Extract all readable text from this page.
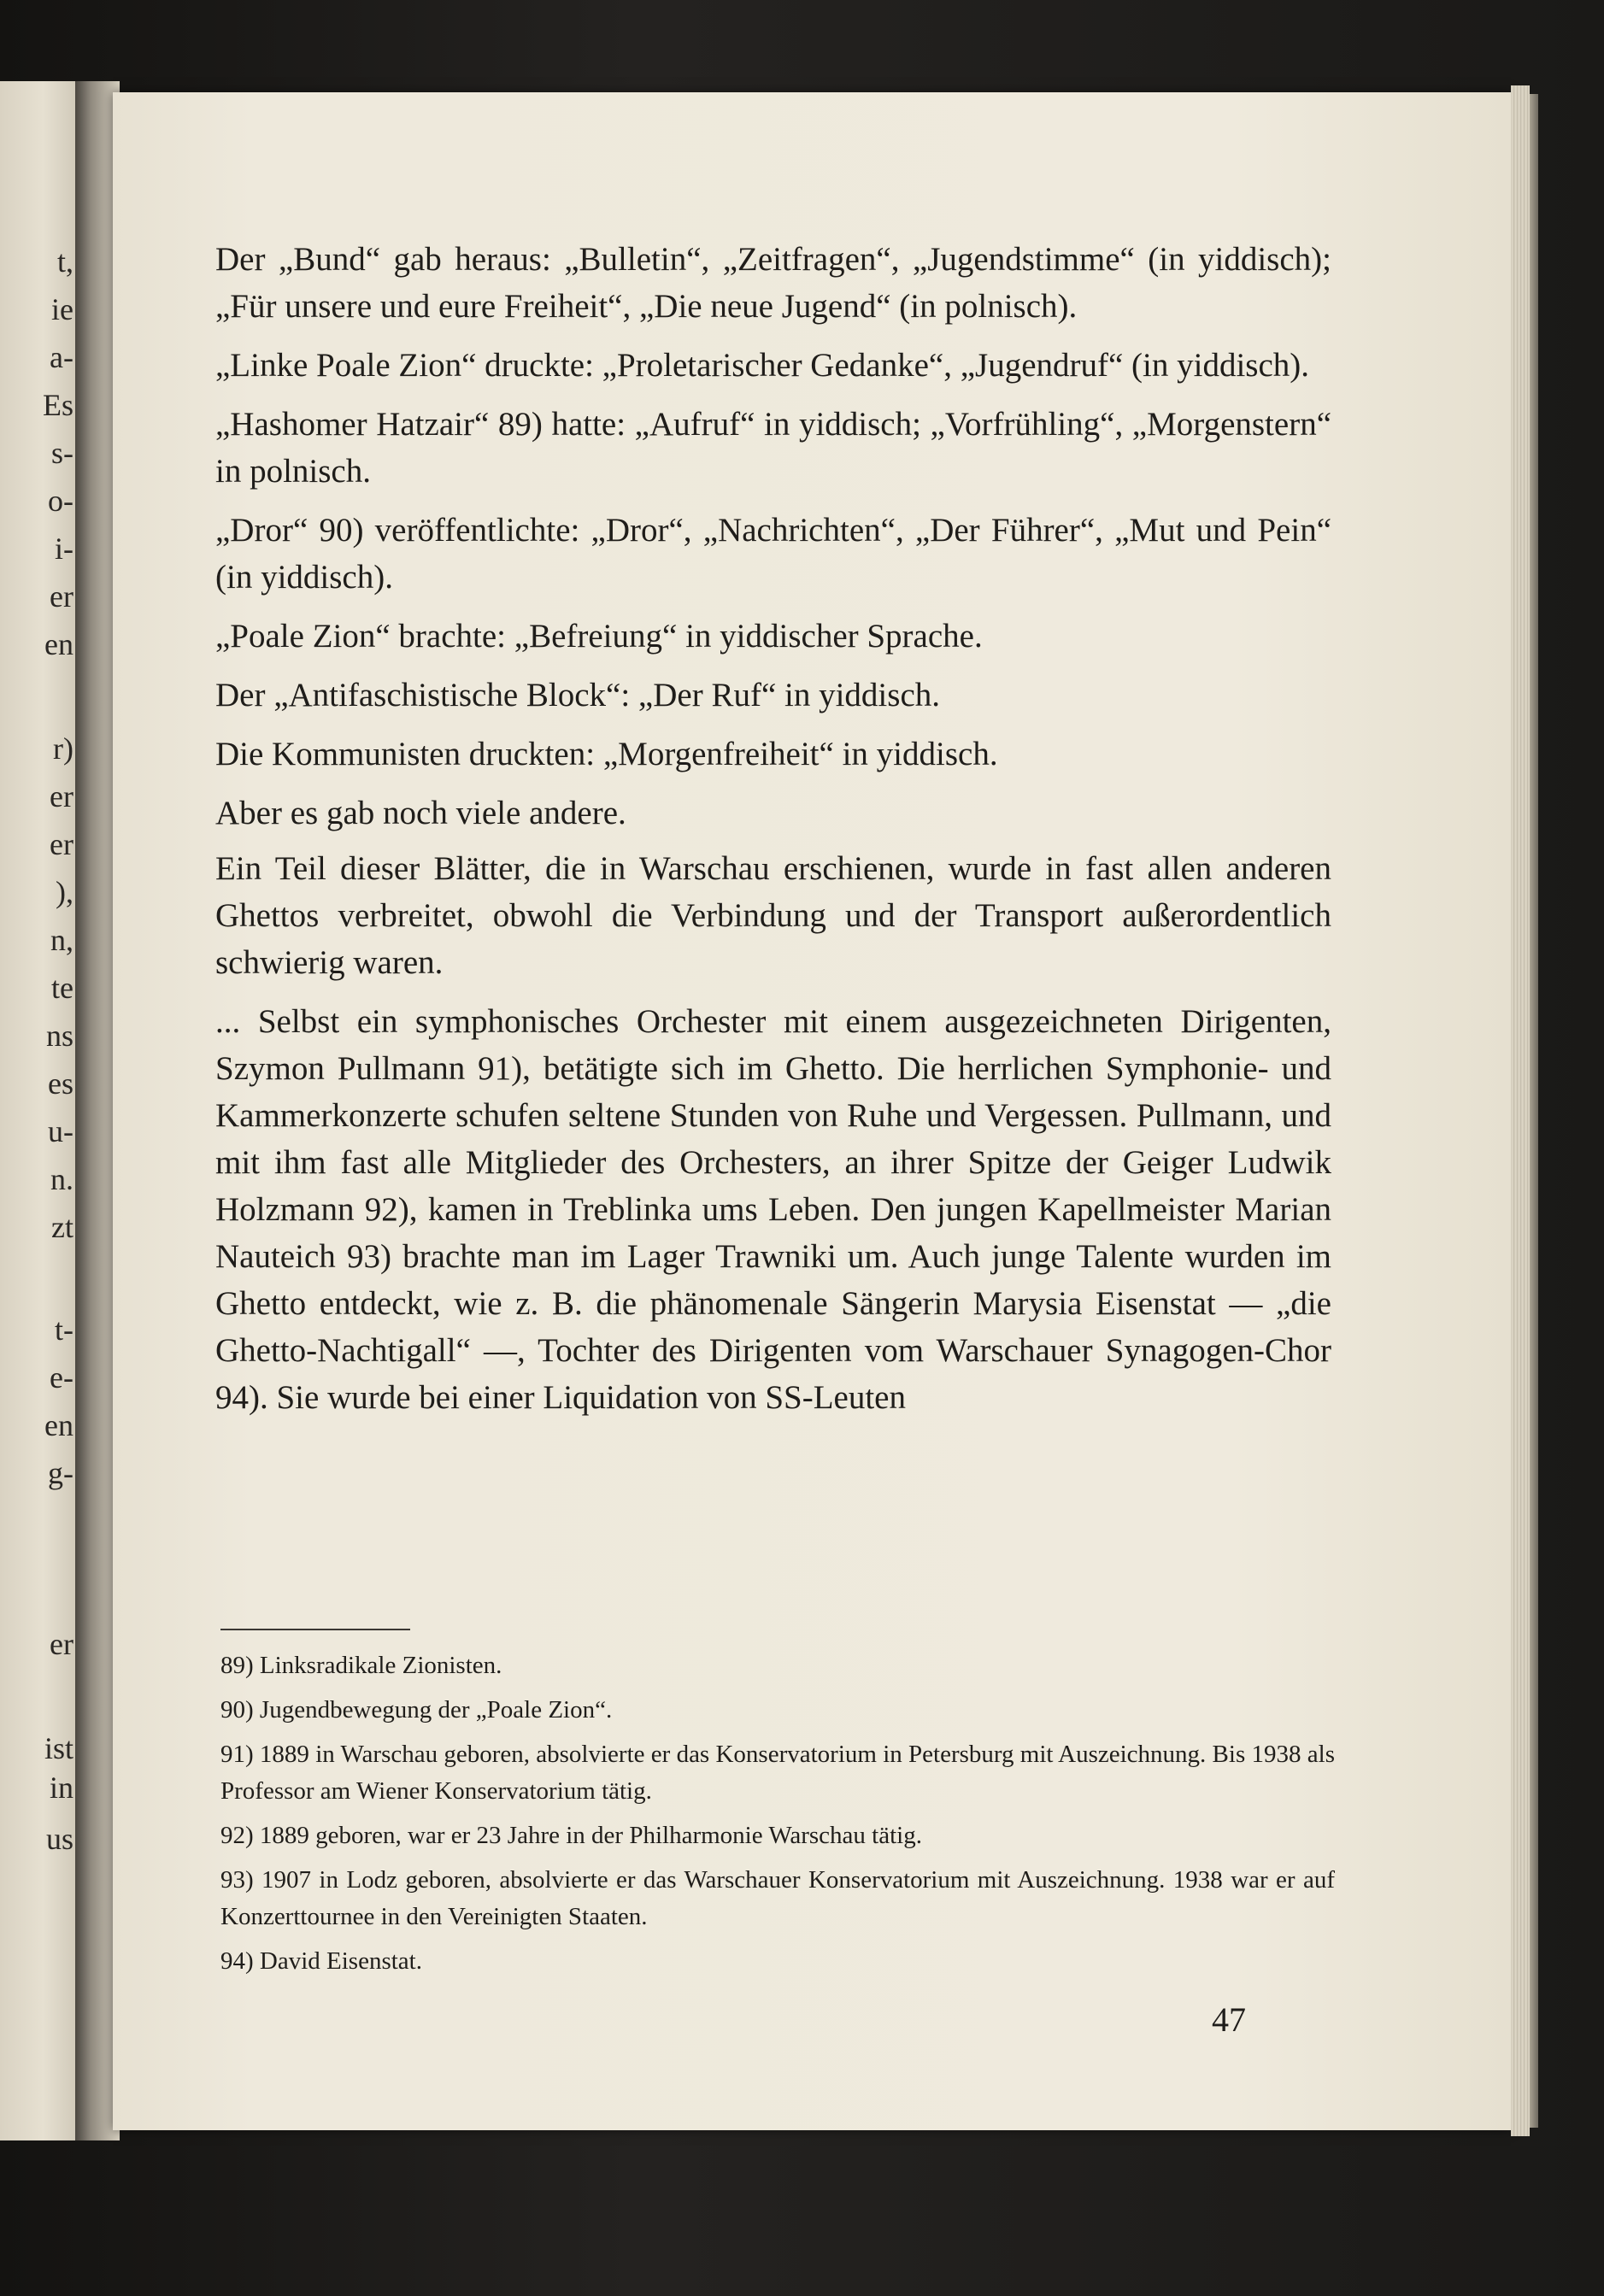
t,
ie
a-
Es
s-
o-
i-
er
en
r)
er
er
),
n,
te
ns
es
u-
n.
zt
t-
e-
en
g-
er
ist
in
us

Der „Bund“ gab heraus: „Bulletin“, „Zeitfragen“, „Jugendstimme“ (in yiddisch); „Für unsere und eure Freiheit“, „Die neue Jugend“ (in polnisch).

„Linke Poale Zion“ druckte: „Proletarischer Gedanke“, „Jugendruf“ (in yiddisch).

„Hashomer Hatzair“ 89) hatte: „Aufruf“ in yiddisch; „Vorfrühling“, „Morgenstern“ in polnisch.

„Dror“ 90) veröffentlichte: „Dror“, „Nachrichten“, „Der Führer“, „Mut und Pein“ (in yiddisch).

„Poale Zion“ brachte: „Befreiung“ in yiddischer Sprache.

Der „Antifaschistische Block“: „Der Ruf“ in yiddisch.

Die Kommunisten druckten: „Morgenfreiheit“ in yiddisch.

Aber es gab noch viele andere.

Ein Teil dieser Blätter, die in Warschau erschienen, wurde in fast allen anderen Ghettos verbreitet, obwohl die Verbindung und der Transport außerordentlich schwierig waren.

... Selbst ein symphonisches Orchester mit einem ausgezeichneten Dirigenten, Szymon Pullmann 91), betätigte sich im Ghetto. Die herrlichen Symphonie- und Kammerkonzerte schufen seltene Stunden von Ruhe und Vergessen. Pullmann, und mit ihm fast alle Mitglieder des Orchesters, an ihrer Spitze der Geiger Ludwik Holzmann 92), kamen in Treblinka ums Leben. Den jungen Kapellmeister Marian Nauteich 93) brachte man im Lager Trawniki um. Auch junge Talente wurden im Ghetto entdeckt, wie z. B. die phänomenale Sängerin Marysia Eisenstat — „die Ghetto-Nachtigall“ —, Tochter des Dirigenten vom Warschauer Synagogen-Chor 94). Sie wurde bei einer Liquidation von SS-Leuten

89) Linksradikale Zionisten.

90) Jugendbewegung der „Poale Zion“.

91) 1889 in Warschau geboren, absolvierte er das Konservatorium in Petersburg mit Auszeichnung. Bis 1938 als Professor am Wiener Konservatorium tätig.

92) 1889 geboren, war er 23 Jahre in der Philharmonie Warschau tätig.

93) 1907 in Lodz geboren, absolvierte er das Warschauer Konservatorium mit Auszeichnung. 1938 war er auf Konzerttournee in den Vereinigten Staaten.

94) David Eisenstat.

47
